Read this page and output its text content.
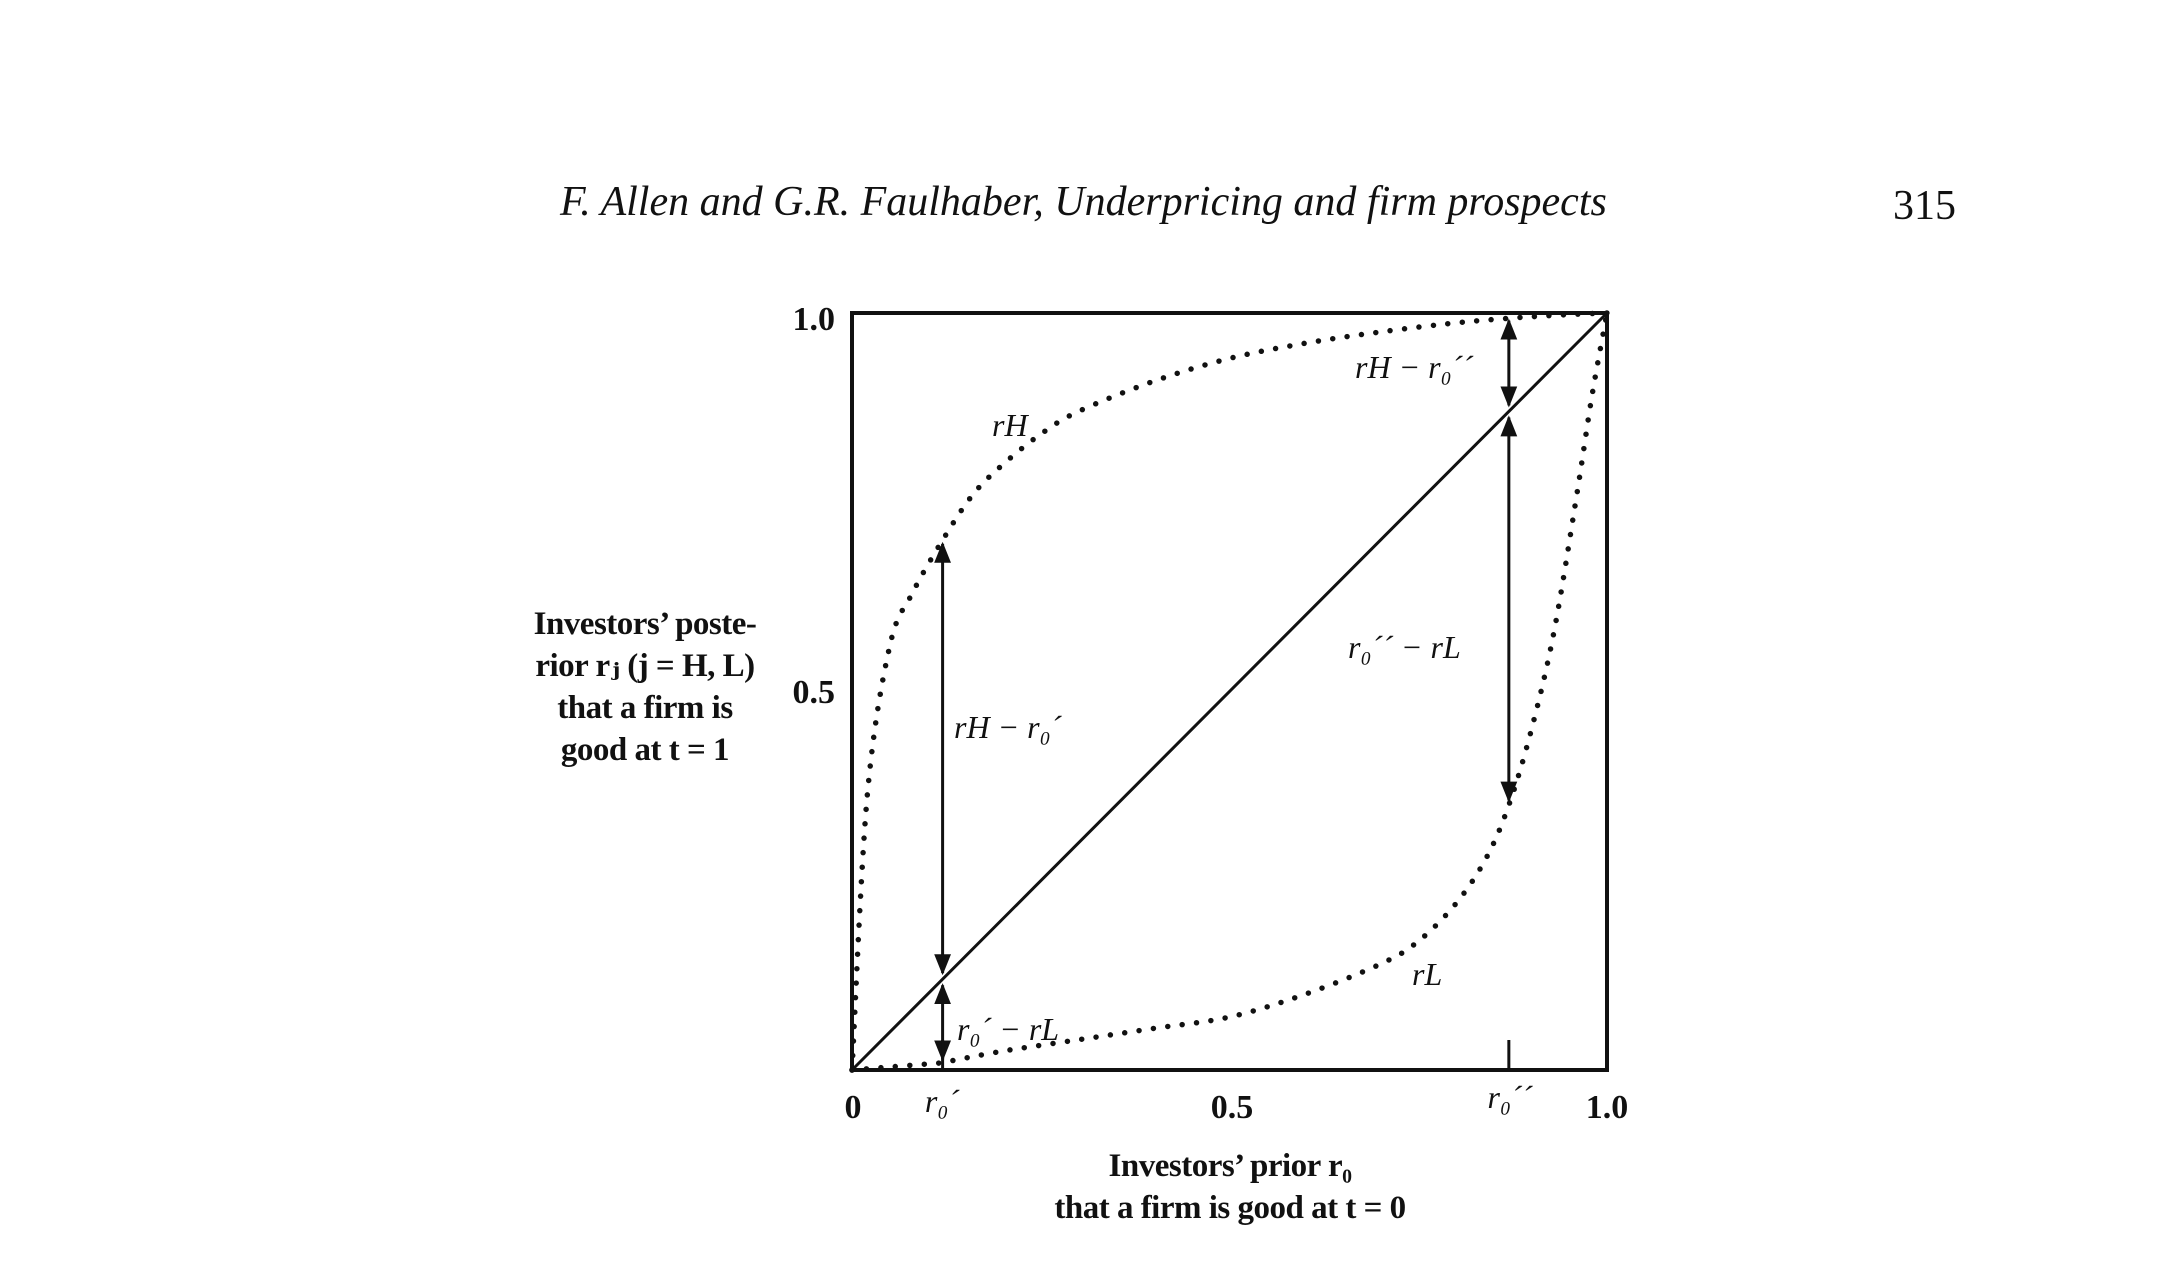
F. Allen and G.R. Faulhaber, Underpricing and firm prospects	315
Investors’ poste-
rior rⱼ (j = H, L)
that a firm is
good at t = 1
Investors’ prior r₀
that a firm is good at t = 0
0	0.5	1.0
0.5
1.0
r₀´	r₀´´
rH
rL
rH − r₀´´
r₀´´ − rL
rH − r₀´
r₀´ − rL
